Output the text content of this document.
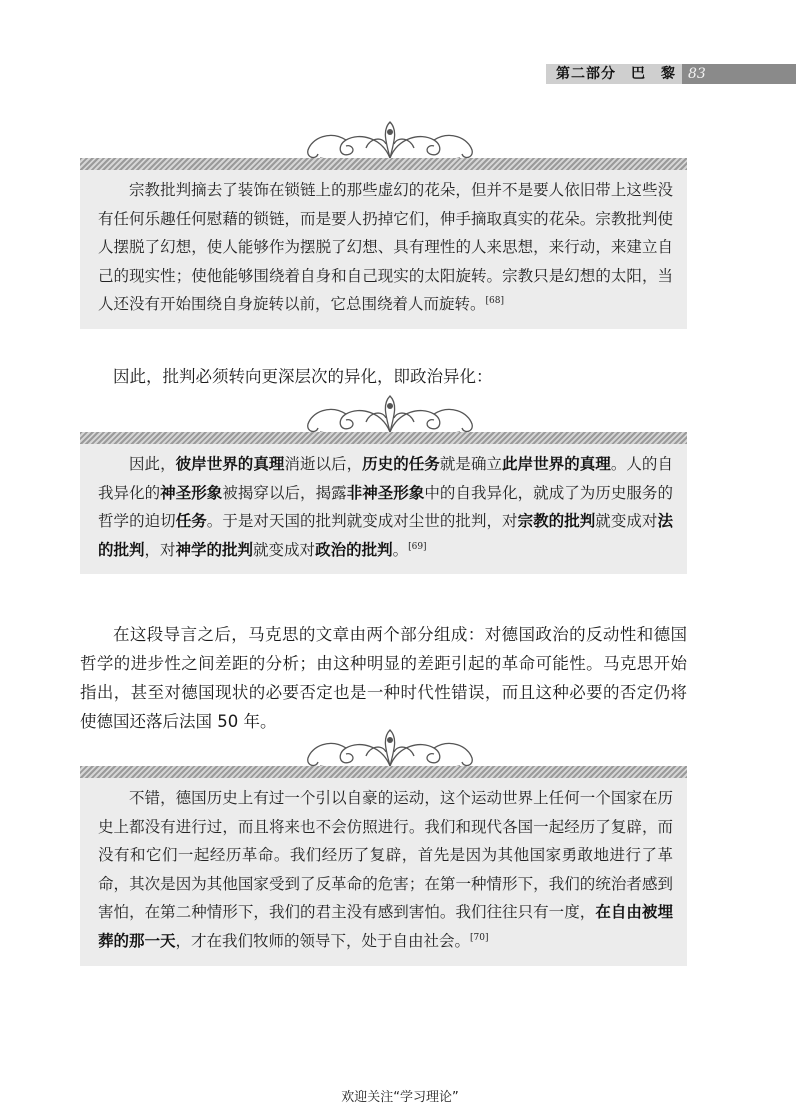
第二部分　巴　黎 83
宗教批判摘去了装饰在锁链上的那些虚幻的花朵，但并不是要人依旧带上这些没有任何乐趣任何慰藉的锁链，而是要人扔掉它们，伸手摘取真实的花朵。宗教批判使人摆脱了幻想，使人能够作为摆脱了幻想、具有理性的人来思想，来行动，来建立自己的现实性；使他能够围绕着自身和自己现实的太阳旋转。宗教只是幻想的太阳，当人还没有开始围绕自身旋转以前，它总围绕着人而旋转。[68]

因此，批判必须转向更深层次的异化，即政治异化：

因此，彼岸世界的真理消逝以后，历史的任务就是确立此岸世界的真理。人的自我异化的神圣形象被揭穿以后，揭露非神圣形象中的自我异化，就成了为历史服务的哲学的迫切任务。于是对天国的批判就变成对尘世的批判，对宗教的批判就变成对法的批判，对神学的批判就变成对政治的批判。[69]

在这段导言之后，马克思的文章由两个部分组成：对德国政治的反动性和德国哲学的进步性之间差距的分析；由这种明显的差距引起的革命可能性。马克思开始指出，甚至对德国现状的必要否定也是一种时代性错误，而且这种必要的否定仍将使德国还落后法国 50 年。

不错，德国历史上有过一个引以自豪的运动，这个运动世界上任何一个国家在历史上都没有进行过，而且将来也不会仿照进行。我们和现代各国一起经历了复辟，而没有和它们一起经历革命。我们经历了复辟，首先是因为其他国家勇敢地进行了革命，其次是因为其他国家受到了反革命的危害；在第一种情形下，我们的统治者感到害怕，在第二种情形下，我们的君主没有感到害怕。我们往往只有一度，在自由被埋葬的那一天，才在我们牧师的领导下，处于自由社会。[70]
欢迎关注“学习理论”
